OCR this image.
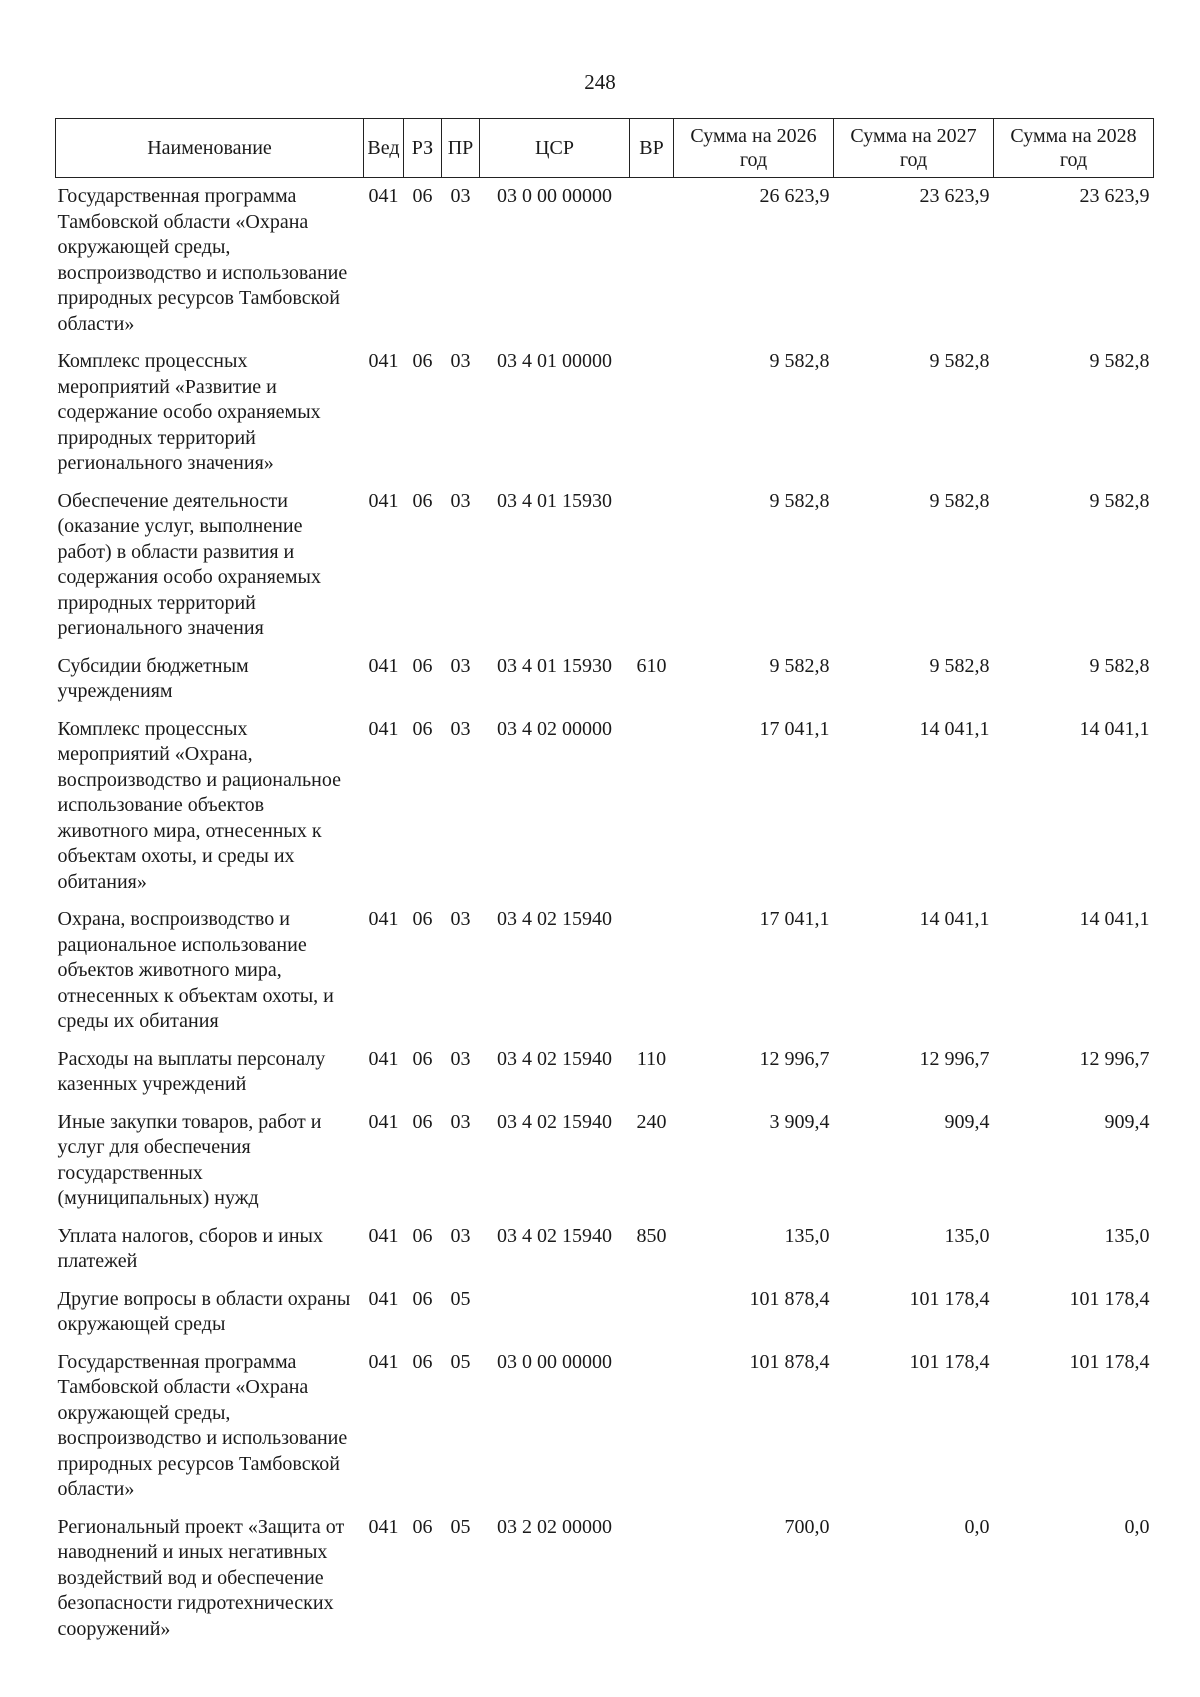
248
Наименование	Вед	РЗ	ПР	ЦСР	ВР	Сумма на 2026 год	Сумма на 2027 год	Сумма на 2028 год
Государственная программа Тамбовской области «Охрана окружающей среды, воспроизводство и использование природных ресурсов Тамбовской области»	041	06	03	03 0 00 00000		26 623,9	23 623,9	23 623,9
Комплекс процессных мероприятий «Развитие и содержание особо охраняемых природных территорий регионального значения»	041	06	03	03 4 01 00000		9 582,8	9 582,8	9 582,8
Обеспечение деятельности (оказание услуг, выполнение работ) в области развития и содержания особо охраняемых природных территорий регионального значения	041	06	03	03 4 01 15930		9 582,8	9 582,8	9 582,8
Субсидии бюджетным учреждениям	041	06	03	03 4 01 15930	610	9 582,8	9 582,8	9 582,8
Комплекс процессных мероприятий «Охрана, воспроизводство и рациональное использование объектов животного мира, отнесенных к объектам охоты, и среды их обитания»	041	06	03	03 4 02 00000		17 041,1	14 041,1	14 041,1
Охрана, воспроизводство и рациональное использование объектов животного мира, отнесенных к объектам охоты, и среды их обитания	041	06	03	03 4 02 15940		17 041,1	14 041,1	14 041,1
Расходы на выплаты персоналу казенных учреждений	041	06	03	03 4 02 15940	110	12 996,7	12 996,7	12 996,7
Иные закупки товаров, работ и услуг для обеспечения государственных (муниципальных) нужд	041	06	03	03 4 02 15940	240	3 909,4	909,4	909,4
Уплата налогов, сборов и иных платежей	041	06	03	03 4 02 15940	850	135,0	135,0	135,0
Другие вопросы в области охраны окружающей среды	041	06	05			101 878,4	101 178,4	101 178,4
Государственная программа Тамбовской области «Охрана окружающей среды, воспроизводство и использование природных ресурсов Тамбовской области»	041	06	05	03 0 00 00000		101 878,4	101 178,4	101 178,4
Региональный проект «Защита от наводнений и иных негативных воздействий вод и обеспечение безопасности гидротехнических сооружений»	041	06	05	03 2 02 00000		700,0	0,0	0,0
